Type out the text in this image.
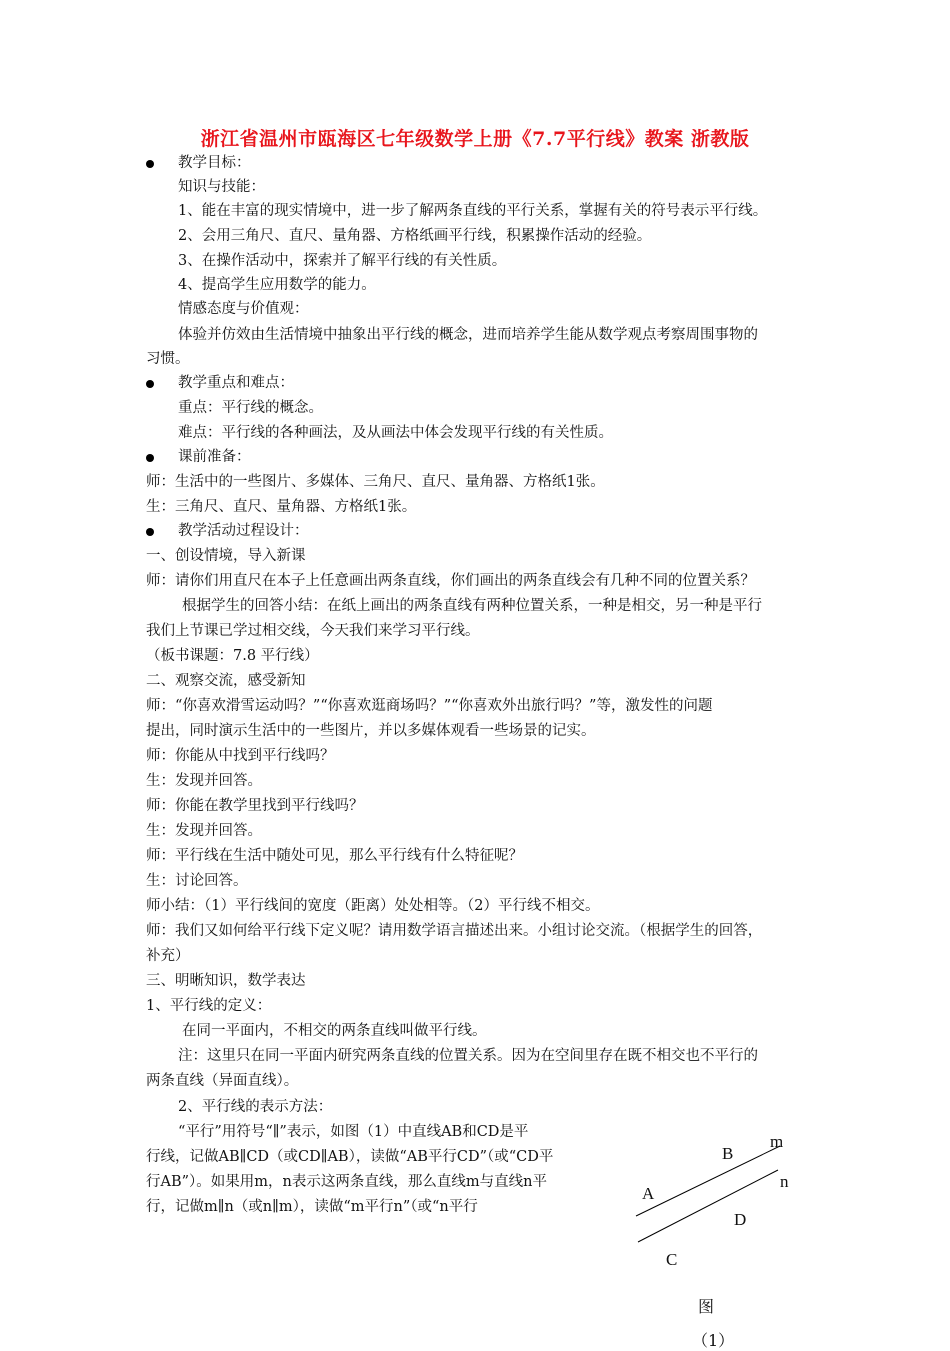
浙江省温州市瓯海区七年级数学上册《7.7平行线》教案 浙教版
教学目标：
知识与技能：
1、能在丰富的现实情境中，进一步了解两条直线的平行关系，掌握有关的符号表示平行线。
2、会用三角尺、直尺、量角器、方格纸画平行线，积累操作活动的经验。
3、在操作活动中，探索并了解平行线的有关性质。
4、提高学生应用数学的能力。
情感态度与价值观：
体验并仿效由生活情境中抽象出平行线的概念，进而培养学生能从数学观点考察周围事物的
习惯。
教学重点和难点：
重点：平行线的概念。
难点：平行线的各种画法，及从画法中体会发现平行线的有关性质。
课前准备：
师：生活中的一些图片、多媒体、三角尺、直尺、量角器、方格纸1张。
生：三角尺、直尺、量角器、方格纸1张。
教学活动过程设计：
一、创设情境，导入新课
师：请你们用直尺在本子上任意画出两条直线，你们画出的两条直线会有几种不同的位置关系？
根据学生的回答小结：在纸上画出的两条直线有两种位置关系，一种是相交，另一种是平行
我们上节课已学过相交线，今天我们来学习平行线。
（板书课题：7.8 平行线）
二、观察交流，感受新知
师：“你喜欢滑雪运动吗？”“你喜欢逛商场吗？”“你喜欢外出旅行吗？”等，激发性的问题
提出，同时演示生活中的一些图片，并以多媒体观看一些场景的记实。
师：你能从中找到平行线吗？
生：发现并回答。
师：你能在教学里找到平行线吗？
生：发现并回答。
师：平行线在生活中随处可见，那么平行线有什么特征呢？
生：讨论回答。
师小结：（1）平行线间的宽度（距离）处处相等。（2）平行线不相交。
师：我们又如何给平行线下定义呢？请用数学语言描述出来。小组讨论交流。（根据学生的回答，
补充）
三、明晰知识，数学表达
1、平行线的定义：
在同一平面内，不相交的两条直线叫做平行线。
注：这里只在同一平面内研究两条直线的位置关系。因为在空间里存在既不相交也不平行的
两条直线（异面直线）。
2、平行线的表示方法：
“平行”用符号“∥”表示，如图（1）中直线AB和CD是平
行线，记做AB∥CD（或CD∥AB），读做“AB平行CD”（或“CD平
行AB”）。如果用m，n表示这两条直线，那么直线m与直线n平
行，记做m∥n（或n∥m），读做“m平行n”（或“n平行
B
m
n
A
D
C
图
（1）
